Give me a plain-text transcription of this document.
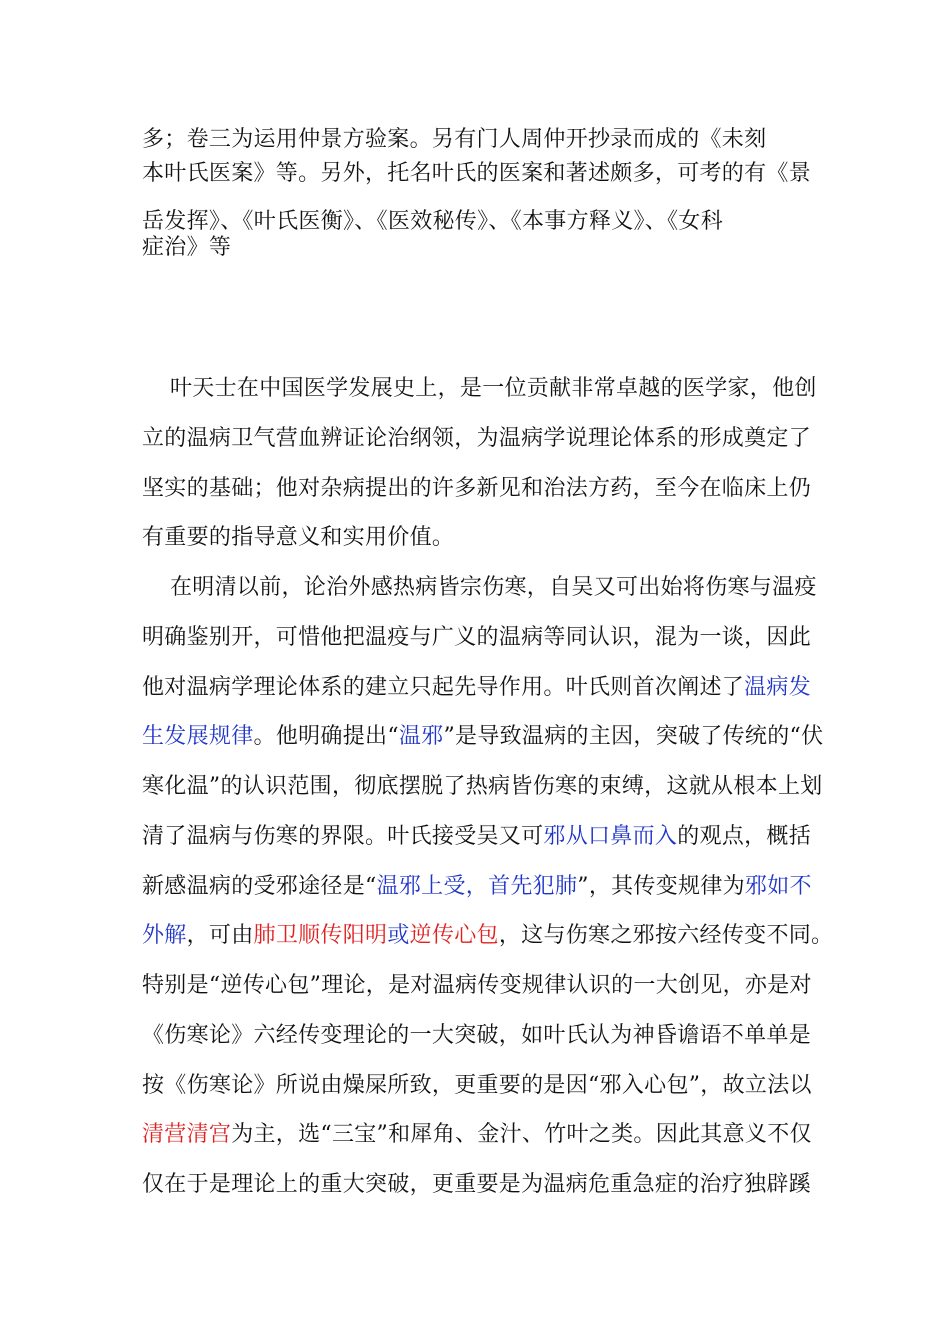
多；卷三为运用仲景方验案。另有门人周仲开抄录而成的《未刻
本叶氏医案》等。另外，托名叶氏的医案和著述颇多，可考的有《景
岳发挥》、《叶氏医衡》、《医效秘传》、《本事方释义》、《女科
症治》等
叶天士在中国医学发展史上，是一位贡献非常卓越的医学家，他创
立的温病卫气营血辨证论治纲领，为温病学说理论体系的形成奠定了
坚实的基础；他对杂病提出的许多新见和治法方药，至今在临床上仍
有重要的指导意义和实用价值。
在明清以前，论治外感热病皆宗伤寒，自吴又可出始将伤寒与温疫
明确鉴别开，可惜他把温疫与广义的温病等同认识，混为一谈，因此
他对温病学理论体系的建立只起先导作用。叶氏则首次阐述了温病发
生发展规律。他明确提出“温邪”是导致温病的主因，突破了传统的“伏
寒化温”的认识范围，彻底摆脱了热病皆伤寒的束缚，这就从根本上划
清了温病与伤寒的界限。叶氏接受吴又可邪从口鼻而入的观点，概括
新感温病的受邪途径是“温邪上受，首先犯肺”，其传变规律为邪如不
外解，可由肺卫顺传阳明或逆传心包，这与伤寒之邪按六经传变不同。
特别是“逆传心包”理论，是对温病传变规律认识的一大创见，亦是对
《伤寒论》六经传变理论的一大突破，如叶氏认为神昏谵语不单单是
按《伤寒论》所说由燥屎所致，更重要的是因“邪入心包”，故立法以
清营清宫为主，选“三宝”和犀角、金汁、竹叶之类。因此其意义不仅
仅在于是理论上的重大突破，更重要是为温病危重急症的治疗独辟蹊
